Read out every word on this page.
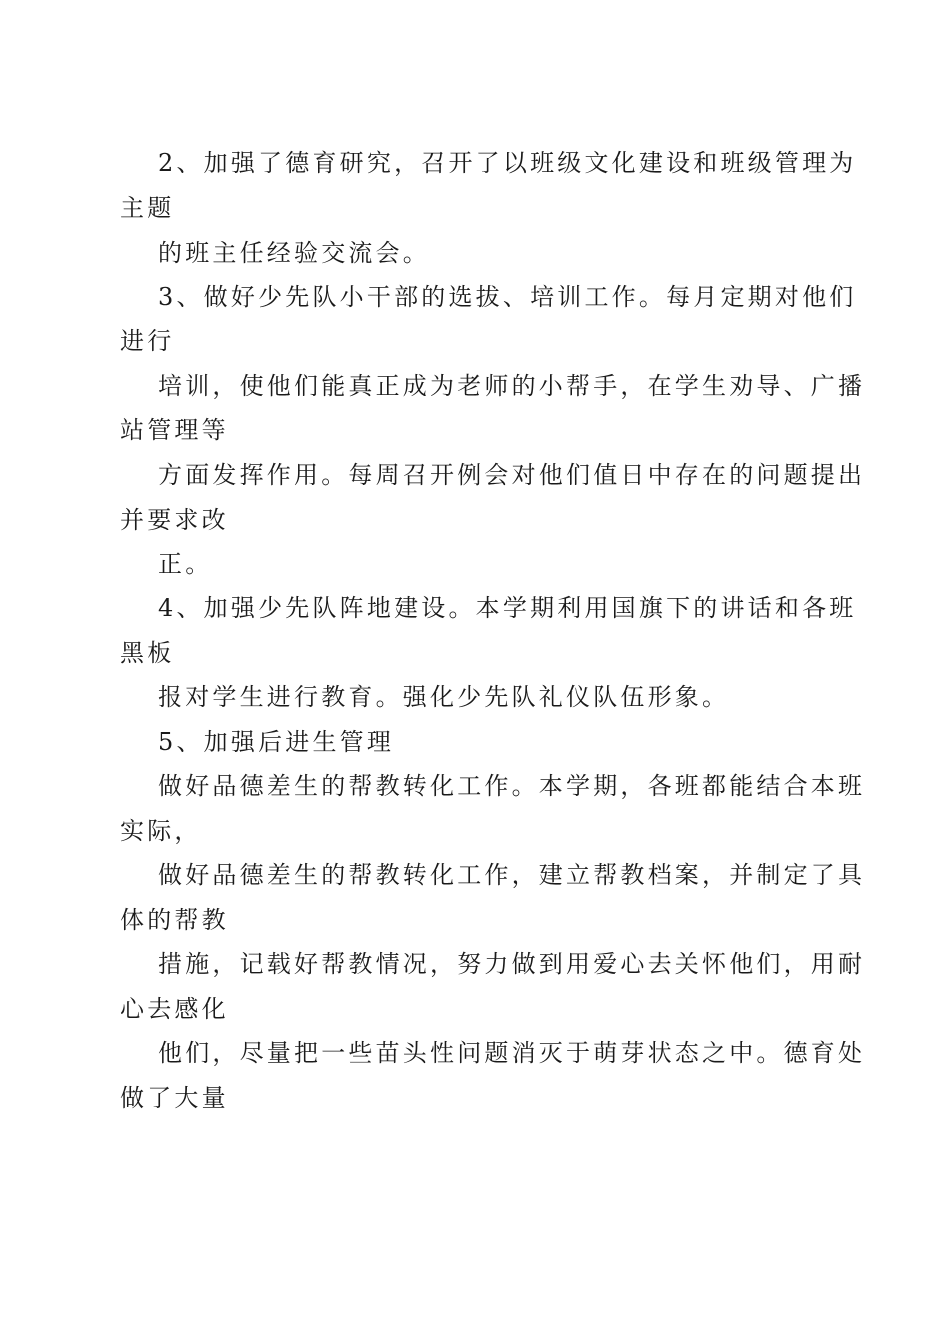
2、加强了德育研究，召开了以班级文化建设和班级管理为
主题
的班主任经验交流会。
3、做好少先队小干部的选拔、培训工作。每月定期对他们
进行
培训，使他们能真正成为老师的小帮手，在学生劝导、广播
站管理等
方面发挥作用。每周召开例会对他们值日中存在的问题提出
并要求改
正。
4、加强少先队阵地建设。本学期利用国旗下的讲话和各班
黑板
报对学生进行教育。强化少先队礼仪队伍形象。
5、加强后进生管理
做好品德差生的帮教转化工作。本学期，各班都能结合本班
实际，
做好品德差生的帮教转化工作，建立帮教档案，并制定了具
体的帮教
措施，记载好帮教情况，努力做到用爱心去关怀他们，用耐
心去感化
他们，尽量把一些苗头性问题消灭于萌芽状态之中。德育处
做了大量
